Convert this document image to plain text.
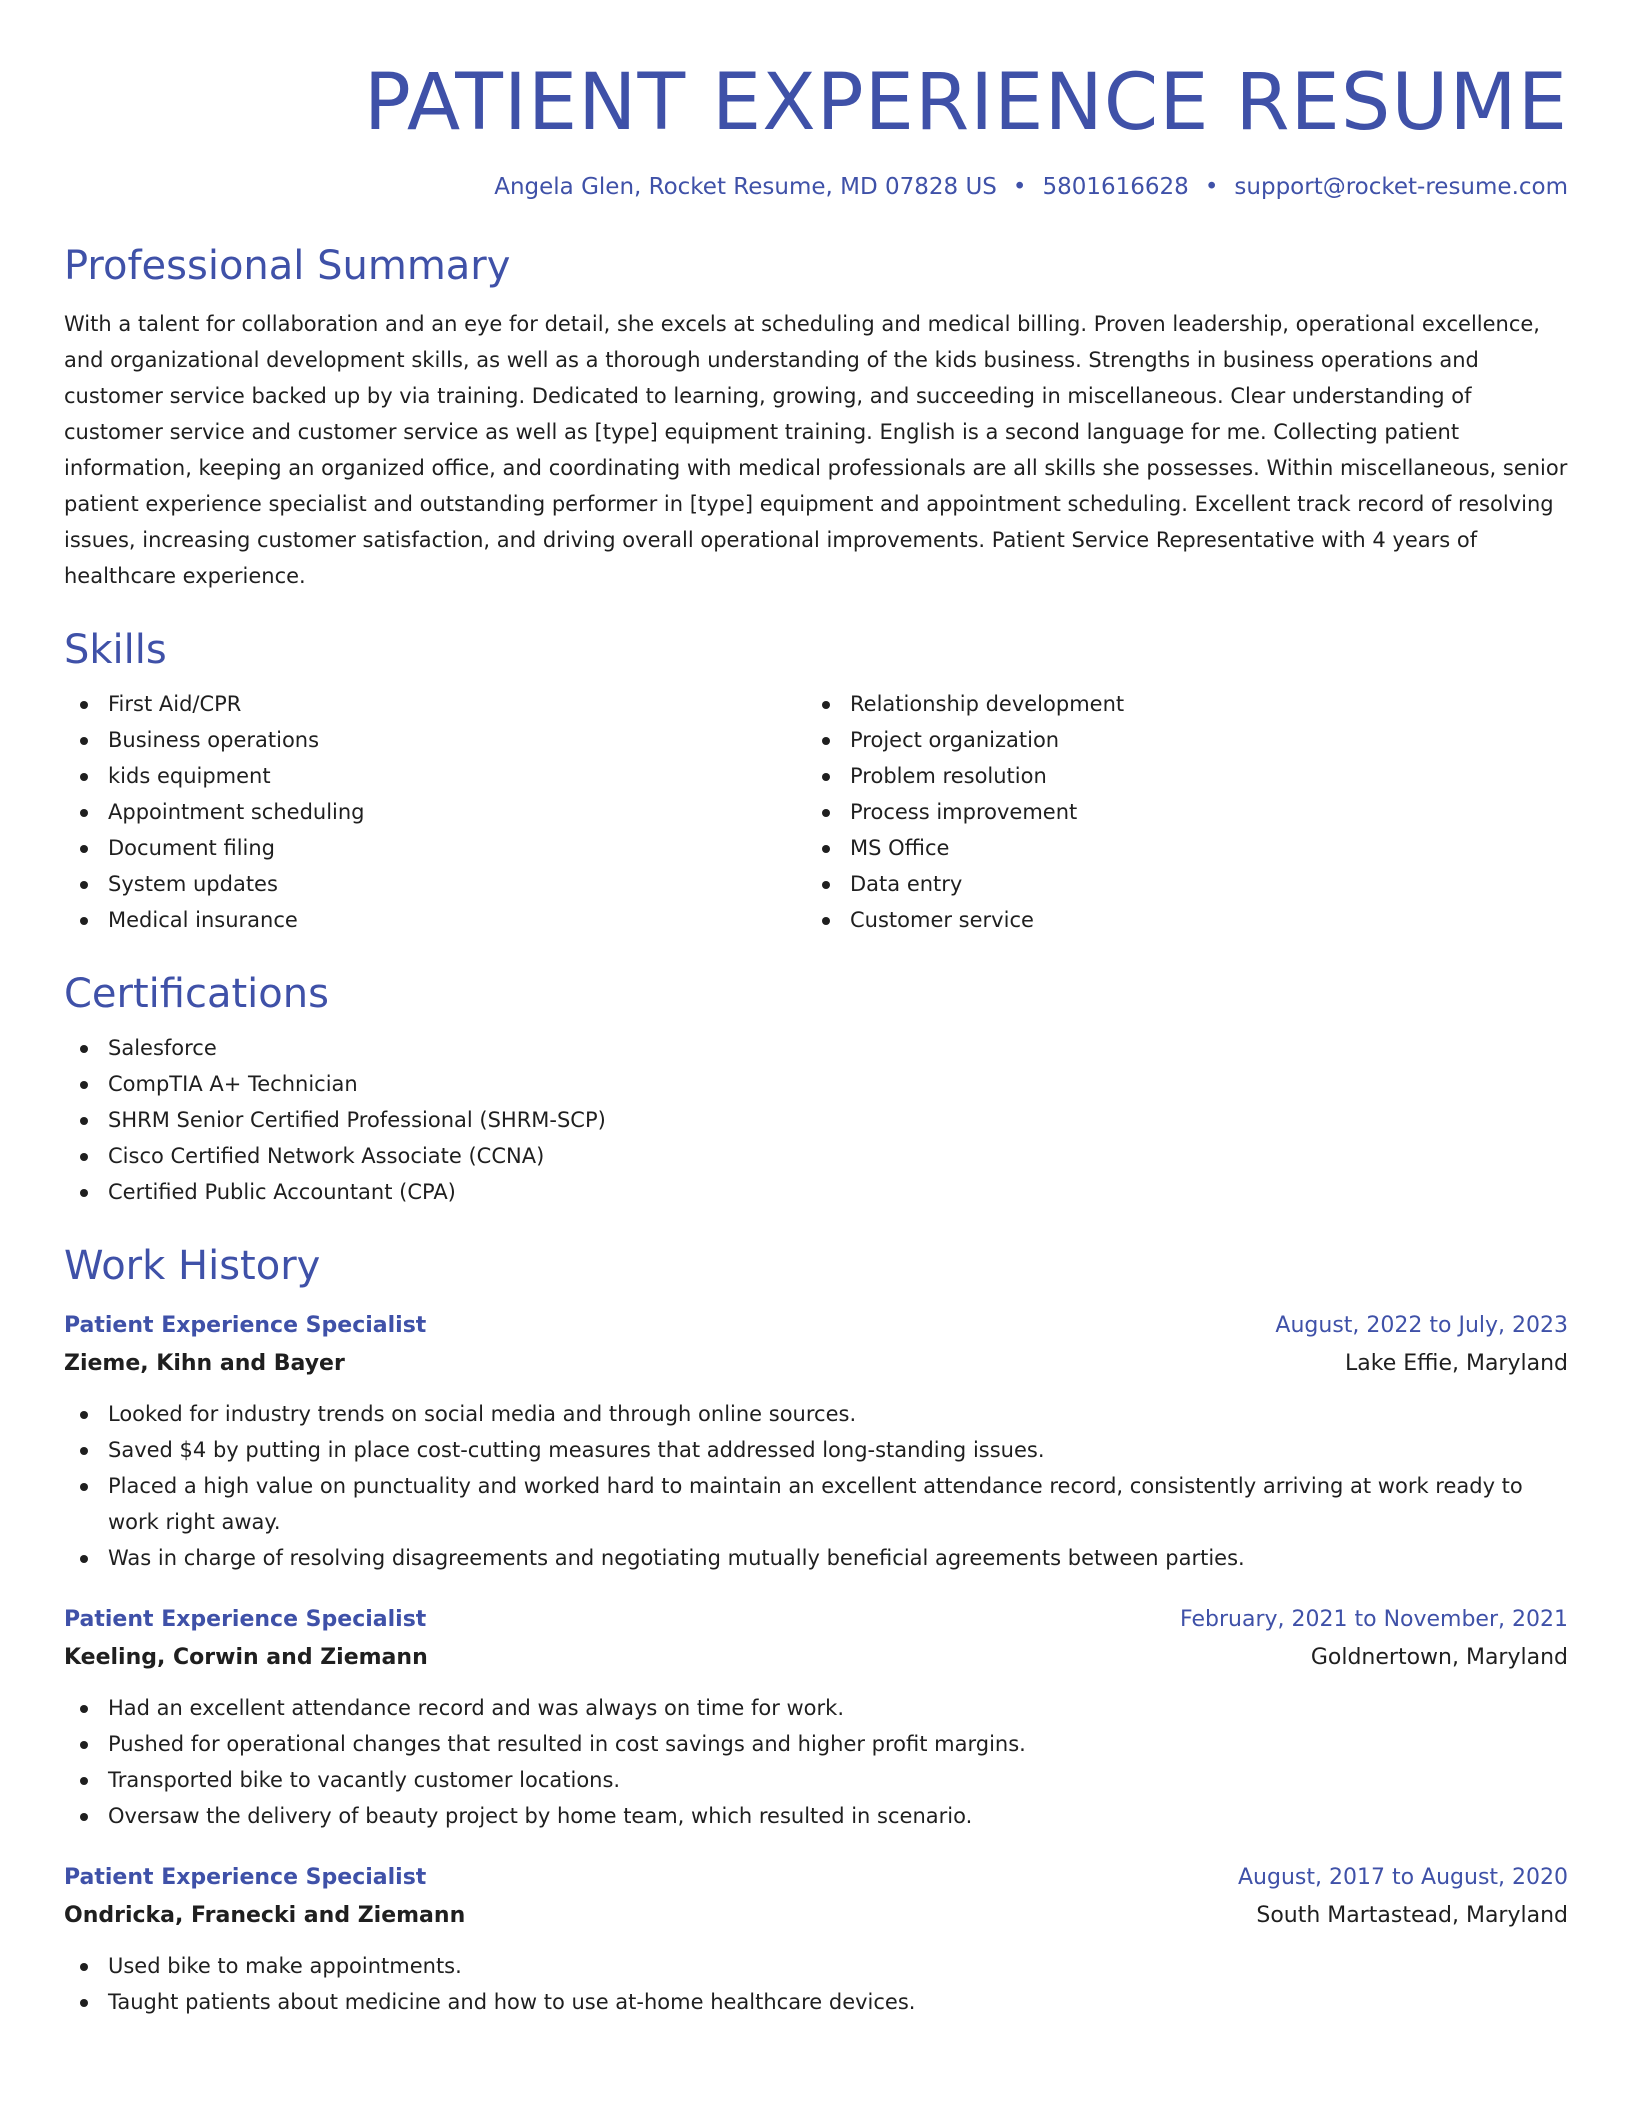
PATIENT EXPERIENCE RESUME
Angela Glen, Rocket Resume, MD 07828 US • 5801616628 • support@rocket-resume.com
Professional Summary

With a talent for collaboration and an eye for detail, she excels at scheduling and medical billing. Proven leadership, operational excellence, and organizational development skills, as well as a thorough understanding of the kids business. Strengths in business operations and customer service backed up by via training. Dedicated to learning, growing, and succeeding in miscellaneous. Clear understanding of customer service and customer service as well as [type] equipment training. English is a second language for me. Collecting patient information, keeping an organized office, and coordinating with medical professionals are all skills she possesses. Within miscellaneous, senior patient experience specialist and outstanding performer in [type] equipment and appointment scheduling. Excellent track record of resolving issues, increasing customer satisfaction, and driving overall operational improvements. Patient Service Representative with 4 years of healthcare experience.

Skills
First Aid/CPR
Business operations
kids equipment
Appointment scheduling
Document filing
System updates
Medical insurance
Relationship development
Project organization
Problem resolution
Process improvement
MS Office
Data entry
Customer service
Certifications
Salesforce
CompTIA A+ Technician
SHRM Senior Certified Professional (SHRM-SCP)
Cisco Certified Network Associate (CCNA)
Certified Public Accountant (CPA)
Work History
Patient Experience Specialist	August, 2022 to July, 2023
Zieme, Kihn and Bayer	Lake Effie, Maryland
Looked for industry trends on social media and through online sources.
Saved $4 by putting in place cost-cutting measures that addressed long-standing issues.
Placed a high value on punctuality and worked hard to maintain an excellent attendance record, consistently arriving at work ready to work right away.
Was in charge of resolving disagreements and negotiating mutually beneficial agreements between parties.
Patient Experience Specialist	February, 2021 to November, 2021
Keeling, Corwin and Ziemann	Goldnertown, Maryland
Had an excellent attendance record and was always on time for work.
Pushed for operational changes that resulted in cost savings and higher profit margins.
Transported bike to vacantly customer locations.
Oversaw the delivery of beauty project by home team, which resulted in scenario.
Patient Experience Specialist	August, 2017 to August, 2020
Ondricka, Franecki and Ziemann	South Martastead, Maryland
Used bike to make appointments.
Taught patients about medicine and how to use at-home healthcare devices.
